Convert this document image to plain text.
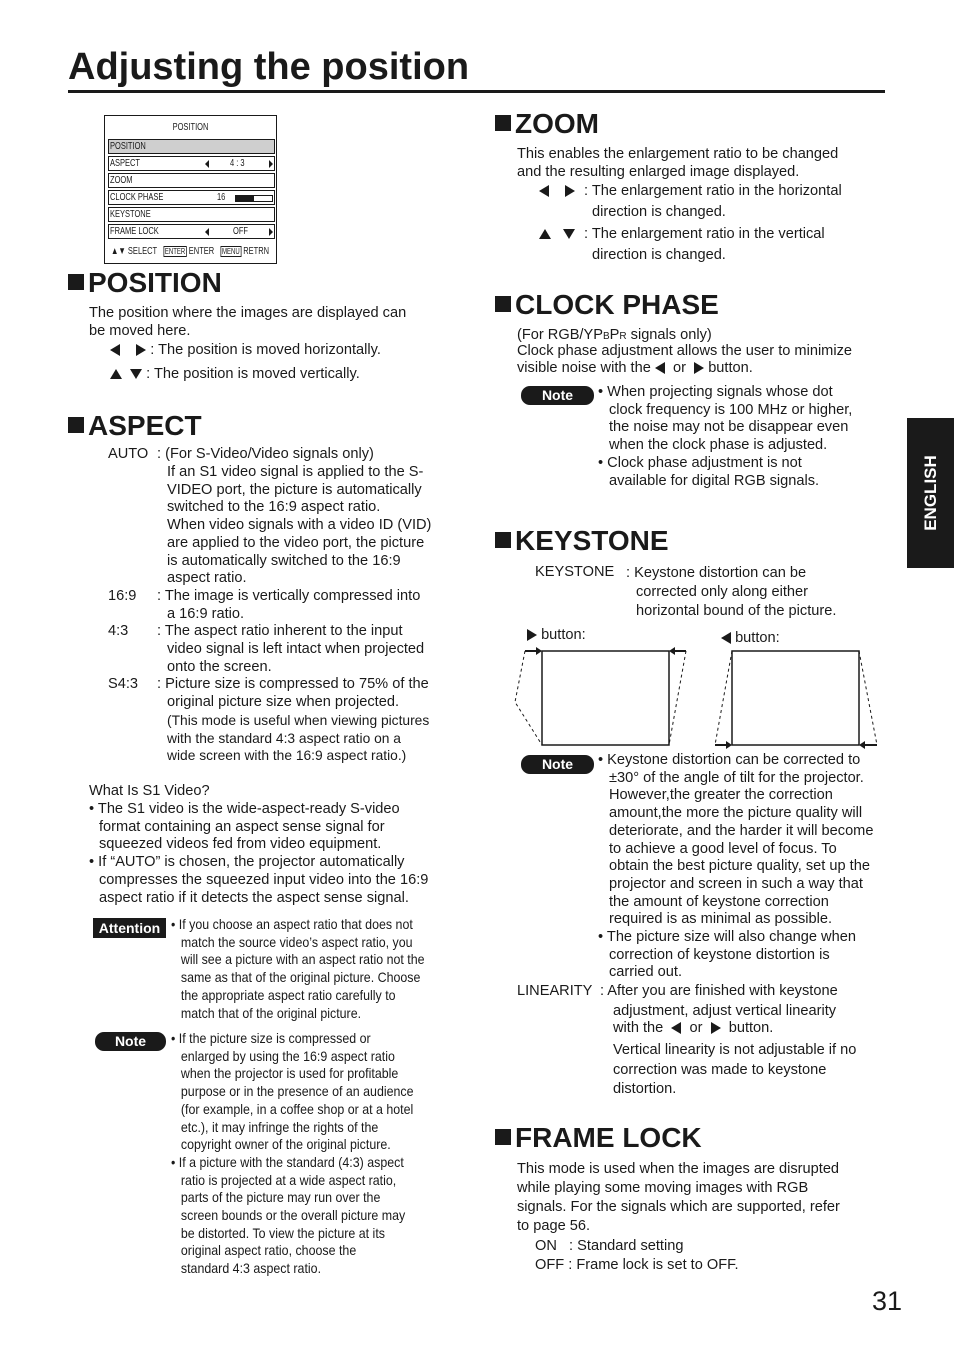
Adjusting the position
ENGLISH
POSITION
POSITION
ASPECT	4 : 3
ZOOM
CLOCK PHASE	16
KEYSTONE
FRAME LOCK	OFF
▲▼ SELECT ENTER ENTER MENU RETRN
POSITION
The position where the images are displayed can
be moved here.
: The position is moved horizontally.
: The position is moved vertically.
ASPECT
AUTO : (For S-Video/Video signals only)
If an S1 video signal is applied to the S-
VIDEO port, the picture is automatically
switched to the 16:9 aspect ratio.
When video signals with a video ID (VID)
are applied to the video port, the picture
is automatically switched to the 16:9
aspect ratio.
16:9 : The image is vertically compressed into
a 16:9 ratio.
4:3 : The aspect ratio inherent to the input
video signal is left intact when projected
onto the screen.
S4:3 : Picture size is compressed to 75% of the
original picture size when projected.
(This mode is useful when viewing pictures
with the standard 4:3 aspect ratio on a
wide screen with the 16:9 aspect ratio.)
What Is S1 Video?
• The S1 video is the wide-aspect-ready S-video
format containing an aspect sense signal for
squeezed videos fed from video equipment.
• If “AUTO” is chosen, the projector automatically
compresses the squeezed input video into the 16:9
aspect ratio if it detects the aspect sense signal.
Attention • If you choose an aspect ratio that does not
match the source video’s aspect ratio, you
will see a picture with an aspect ratio not the
same as that of the original picture. Choose
the appropriate aspect ratio carefully to
match that of the original picture.
Note	• If the picture size is compressed or
enlarged by using the 16:9 aspect ratio
when the projector is used for profitable
purpose or in the presence of an audience
(for example, in a coffee shop or at a hotel
etc.), it may infringe the rights of the
copyright owner of the original picture.
• If a picture with the standard (4:3) aspect
ratio is projected at a wide aspect ratio,
parts of the picture may run over the
screen bounds or the overall picture may
be distorted. To view the picture at its
original aspect ratio, choose the
standard 4:3 aspect ratio.
ZOOM
This enables the enlargement ratio to be changed
and the resulting enlarged image displayed.

: The enlargement ratio in the horizontal
direction is changed.

: The enlargement ratio in the vertical
direction is changed.
CLOCK PHASE
(For RGB/YPBPR signals only)
Clock phase adjustment allows the user to minimize
visible noise with the or button.
Note	• When projecting signals whose dot
clock frequency is 100 MHz or higher,
the noise may not be disappear even
when the clock phase is adjusted.
• Clock phase adjustment is not
available for digital RGB signals.
KEYSTONE
KEYSTONE : Keystone distortion can be
corrected only along either
horizontal bound of the picture.
button:	button:
Note	• Keystone distortion can be corrected to
±30° of the angle of tilt for the projector.
However,the greater the correction
amount,the more the picture quality will
deteriorate, and the harder it will become
to achieve a good level of focus. To
obtain the best picture quality, set up the
projector and screen in such a way that
the amount of keystone correction
required is as minimal as possible.
• The picture size will also change when
correction of keystone distortion is
carried out.
LINEARITY : After you are finished with keystone
adjustment, adjust vertical linearity
with the or button.
Vertical linearity is not adjustable if no
correction was made to keystone
distortion.
FRAME LOCK
This mode is used when the images are disrupted
while playing some moving images with RGB
signals. For the signals which are supported, refer
to page 56.
ON   : Standard setting
OFF : Frame lock is set to OFF.
31
